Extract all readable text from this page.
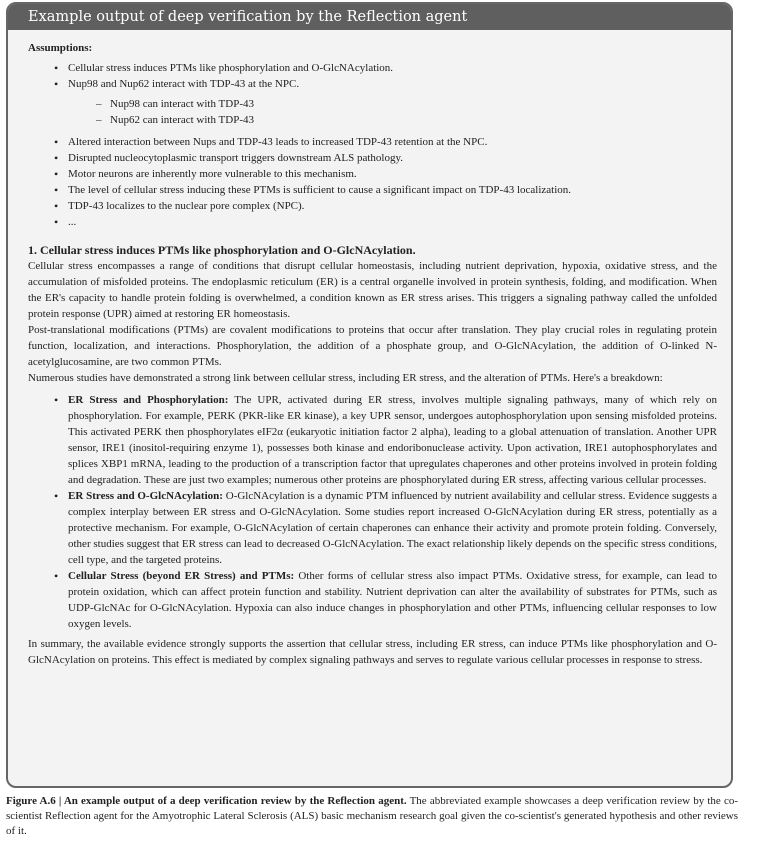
Example output of deep verification by the Reflection agent
Assumptions:
• Cellular stress induces PTMs like phosphorylation and O-GlcNAcylation.
• Nup98 and Nup62 interact with TDP-43 at the NPC.
– Nup98 can interact with TDP-43
– Nup62 can interact with TDP-43
• Altered interaction between Nups and TDP-43 leads to increased TDP-43 retention at the NPC.
• Disrupted nucleocytoplasmic transport triggers downstream ALS pathology.
• Motor neurons are inherently more vulnerable to this mechanism.
• The level of cellular stress inducing these PTMs is sufficient to cause a significant impact on TDP-43 localization.
• TDP-43 localizes to the nuclear pore complex (NPC).
• ...
1. Cellular stress induces PTMs like phosphorylation and O-GlcNAcylation.

Cellular stress encompasses a range of conditions that disrupt cellular homeostasis, including nutrient deprivation, hypoxia, oxidative stress, and the accumulation of misfolded proteins. The endoplasmic reticulum (ER) is a central organelle involved in protein synthesis, folding, and modification. When the ER's capacity to handle protein folding is overwhelmed, a condition known as ER stress arises. This triggers a signaling pathway called the unfolded protein response (UPR) aimed at restoring ER homeostasis.

Post-translational modifications (PTMs) are covalent modifications to proteins that occur after translation. They play crucial roles in regulating protein function, localization, and interactions. Phosphorylation, the addition of a phosphate group, and O-GlcNAcylation, the addition of O-linked N-acetylglucosamine, are two common PTMs.

Numerous studies have demonstrated a strong link between cellular stress, including ER stress, and the alteration of PTMs. Here's a breakdown:

• ER Stress and Phosphorylation: The UPR, activated during ER stress, involves multiple signaling pathways, many of which rely on phosphorylation. For example, PERK (PKR-like ER kinase), a key UPR sensor, undergoes autophosphorylation upon sensing misfolded proteins. This activated PERK then phosphorylates eIF2α (eukaryotic initiation factor 2 alpha), leading to a global attenuation of translation. Another UPR sensor, IRE1 (inositol-requiring enzyme 1), possesses both kinase and endoribonuclease activity. Upon activation, IRE1 autophosphorylates and splices XBP1 mRNA, leading to the production of a transcription factor that upregulates chaperones and other proteins involved in protein folding and degradation. These are just two examples; numerous other proteins are phosphorylated during ER stress, affecting various cellular processes.
• ER Stress and O-GlcNAcylation: O-GlcNAcylation is a dynamic PTM influenced by nutrient availability and cellular stress. Evidence suggests a complex interplay between ER stress and O-GlcNAcylation. Some studies report increased O-GlcNAcylation during ER stress, potentially as a protective mechanism. For example, O-GlcNAcylation of certain chaperones can enhance their activity and promote protein folding. Conversely, other studies suggest that ER stress can lead to decreased O-GlcNAcylation. The exact relationship likely depends on the specific stress conditions, cell type, and the targeted proteins.
• Cellular Stress (beyond ER Stress) and PTMs: Other forms of cellular stress also impact PTMs. Oxidative stress, for example, can lead to protein oxidation, which can affect protein function and stability. Nutrient deprivation can alter the availability of substrates for PTMs, such as UDP-GlcNAc for O-GlcNAcylation. Hypoxia can also induce changes in phosphorylation and other PTMs, influencing cellular responses to low oxygen levels.

In summary, the available evidence strongly supports the assertion that cellular stress, including ER stress, can induce PTMs like phosphorylation and O-GlcNAcylation on proteins. This effect is mediated by complex signaling pathways and serves to regulate various cellular processes in response to stress.

Figure A.6 | An example output of a deep verification review by the Reflection agent. The abbreviated example showcases a deep verification review by the co-scientist Reflection agent for the Amyotrophic Lateral Sclerosis (ALS) basic mechanism research goal given the co-scientist's generated hypothesis and other reviews of it.
